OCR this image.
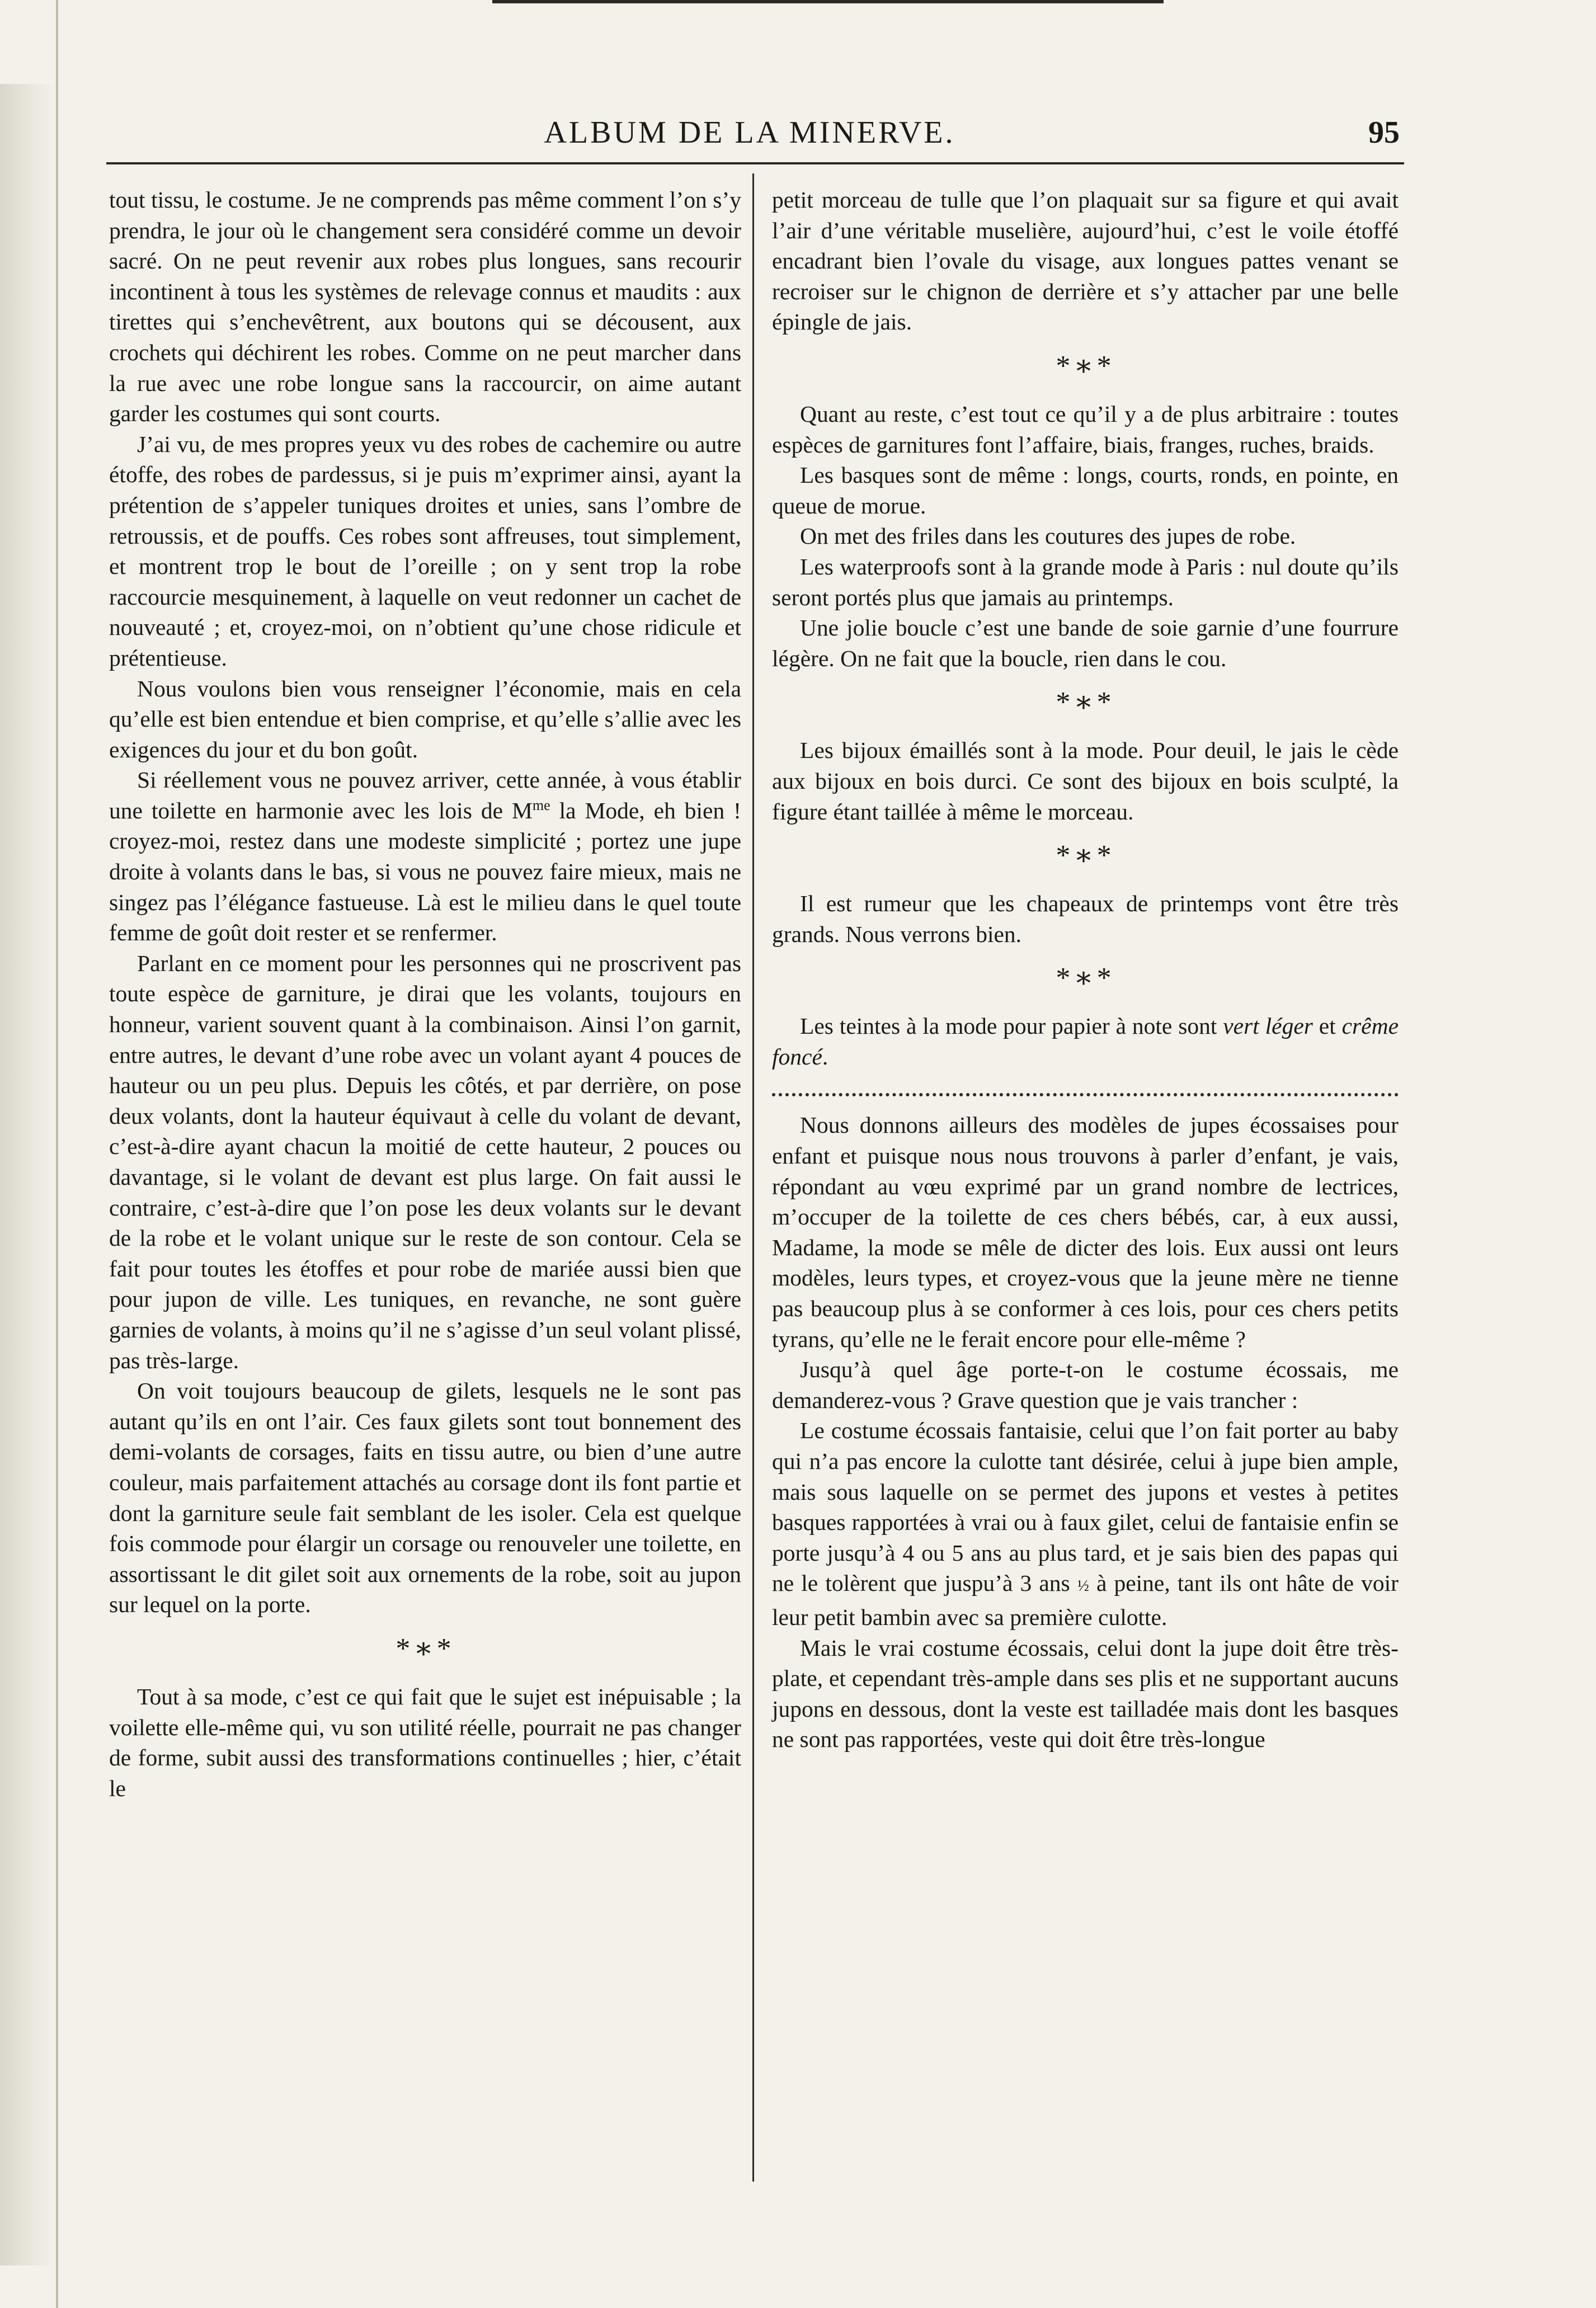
ALBUM DE LA MINERVE.	95

tout tissu, le costume. Je ne comprends pas même comment l’on s’y prendra, le jour où le changement sera considéré comme un devoir sacré. On ne peut revenir aux robes plus longues, sans recourir incontinent à tous les systèmes de relevage connus et maudits : aux tirettes qui s’enchevêtrent, aux boutons qui se décousent, aux crochets qui déchirent les robes. Comme on ne peut marcher dans la rue avec une robe longue sans la raccourcir, on aime autant garder les costumes qui sont courts.

J’ai vu, de mes propres yeux vu des robes de cachemire ou autre étoffe, des robes de pardessus, si je puis m’exprimer ainsi, ayant la prétention de s’appeler tuniques droites et unies, sans l’ombre de retroussis, et de pouffs. Ces robes sont affreuses, tout simplement, et montrent trop le bout de l’oreille ; on y sent trop la robe raccourcie mesquinement, à laquelle on veut redonner un cachet de nouveauté ; et, croyez-moi, on n’obtient qu’une chose ridicule et prétentieuse.

Nous voulons bien vous renseigner l’économie, mais en cela qu’elle est bien entendue et bien comprise, et qu’elle s’allie avec les exigences du jour et du bon goût.

Si réellement vous ne pouvez arriver, cette année, à vous établir une toilette en harmonie avec les lois de $M^{me}$ la Mode, eh bien ! croyez-moi, restez dans une modeste simplicité ; portez une jupe droite à volants dans le bas, si vous ne pouvez faire mieux, mais ne singez pas l’élégance fastueuse. Là est le milieu dans le quel toute femme de goût doit rester et se renfermer.

Parlant en ce moment pour les personnes qui ne proscrivent pas toute espèce de garniture, je dirai que les volants, toujours en honneur, varient souvent quant à la combinaison. Ainsi l’on garnit, entre autres, le devant d’une robe avec un volant ayant 4 pouces de hauteur ou un peu plus. Depuis les côtés, et par derrière, on pose deux volants, dont la hauteur équivaut à celle du volant de devant, c’est-à-dire ayant chacun la moitié de cette hauteur, 2 pouces ou davantage, si le volant de devant est plus large. On fait aussi le contraire, c’est-à-dire que l’on pose les deux volants sur le devant de la robe et le volant unique sur le reste de son contour. Cela se fait pour toutes les étoffes et pour robe de mariée aussi bien que pour jupon de ville. Les tuniques, en revanche, ne sont guère garnies de volants, à moins qu’il ne s’agisse d’un seul volant plissé, pas très-large.

On voit toujours beaucoup de gilets, lesquels ne le sont pas autant qu’ils en ont l’air. Ces faux gilets sont tout bonnement des demi-volants de corsages, faits en tissu autre, ou bien d’une autre couleur, mais parfaitement attachés au corsage dont ils font partie et dont la garniture seule fait semblant de les isoler. Cela est quelque fois commode pour élargir un corsage ou renouveler une toilette, en assortissant le dit gilet soit aux ornements de la robe, soit au jupon sur lequel on la porte.

*∗*

Tout à sa mode, c’est ce qui fait que le sujet est inépuisable ; la voilette elle-même qui, vu son utilité réelle, pourrait ne pas changer de forme, subit aussi des transformations continuelles ; hier, c’était le

petit morceau de tulle que l’on plaquait sur sa figure et qui avait l’air d’une véritable muselière, aujourd’hui, c’est le voile étoffé encadrant bien l’ovale du visage, aux longues pattes venant se recroiser sur le chignon de derrière et s’y attacher par une belle épingle de jais.

*∗*

Quant au reste, c’est tout ce qu’il y a de plus arbitraire : toutes espèces de garnitures font l’affaire, biais, franges, ruches, braids.

Les basques sont de même : longs, courts, ronds, en pointe, en queue de morue.

On met des friles dans les coutures des jupes de robe.

Les waterproofs sont à la grande mode à Paris : nul doute qu’ils seront portés plus que jamais au printemps.

Une jolie boucle c’est une bande de soie garnie d’une fourrure légère. On ne fait que la boucle, rien dans le cou.

*∗*

Les bijoux émaillés sont à la mode. Pour deuil, le jais le cède aux bijoux en bois durci. Ce sont des bijoux en bois sculpté, la figure étant taillée à même le morceau.

*∗*

Il est rumeur que les chapeaux de printemps vont être très grands. Nous verrons bien.

*∗*

Les teintes à la mode pour papier à note sont vert léger et crême foncé.

Nous donnons ailleurs des modèles de jupes écossaises pour enfant et puisque nous nous trouvons à parler d’enfant, je vais, répondant au vœu exprimé par un grand nombre de lectrices, m’occuper de la toilette de ces chers bébés, car, à eux aussi, Madame, la mode se mêle de dicter des lois. Eux aussi ont leurs modèles, leurs types, et croyez-vous que la jeune mère ne tienne pas beaucoup plus à se conformer à ces lois, pour ces chers petits tyrans, qu’elle ne le ferait encore pour elle-même ?

Jusqu’à quel âge porte-t-on le costume écossais, me demanderez-vous ? Grave question que je vais trancher :

Le costume écossais fantaisie, celui que l’on fait porter au baby qui n’a pas encore la culotte tant désirée, celui à jupe bien ample, mais sous laquelle on se permet des jupons et vestes à petites basques rapportées à vrai ou à faux gilet, celui de fantaisie enfin se porte jusqu’à 4 ou 5 ans au plus tard, et je sais bien des papas qui ne le tolèrent que juspu’à 3 ans ½ à peine, tant ils ont hâte de voir leur petit bambin avec sa première culotte.

Mais le vrai costume écossais, celui dont la jupe doit être très-plate, et cependant très-ample dans ses plis et ne supportant aucuns jupons en dessous, dont la veste est tailladée mais dont les basques ne sont pas rapportées, veste qui doit être très-longue
